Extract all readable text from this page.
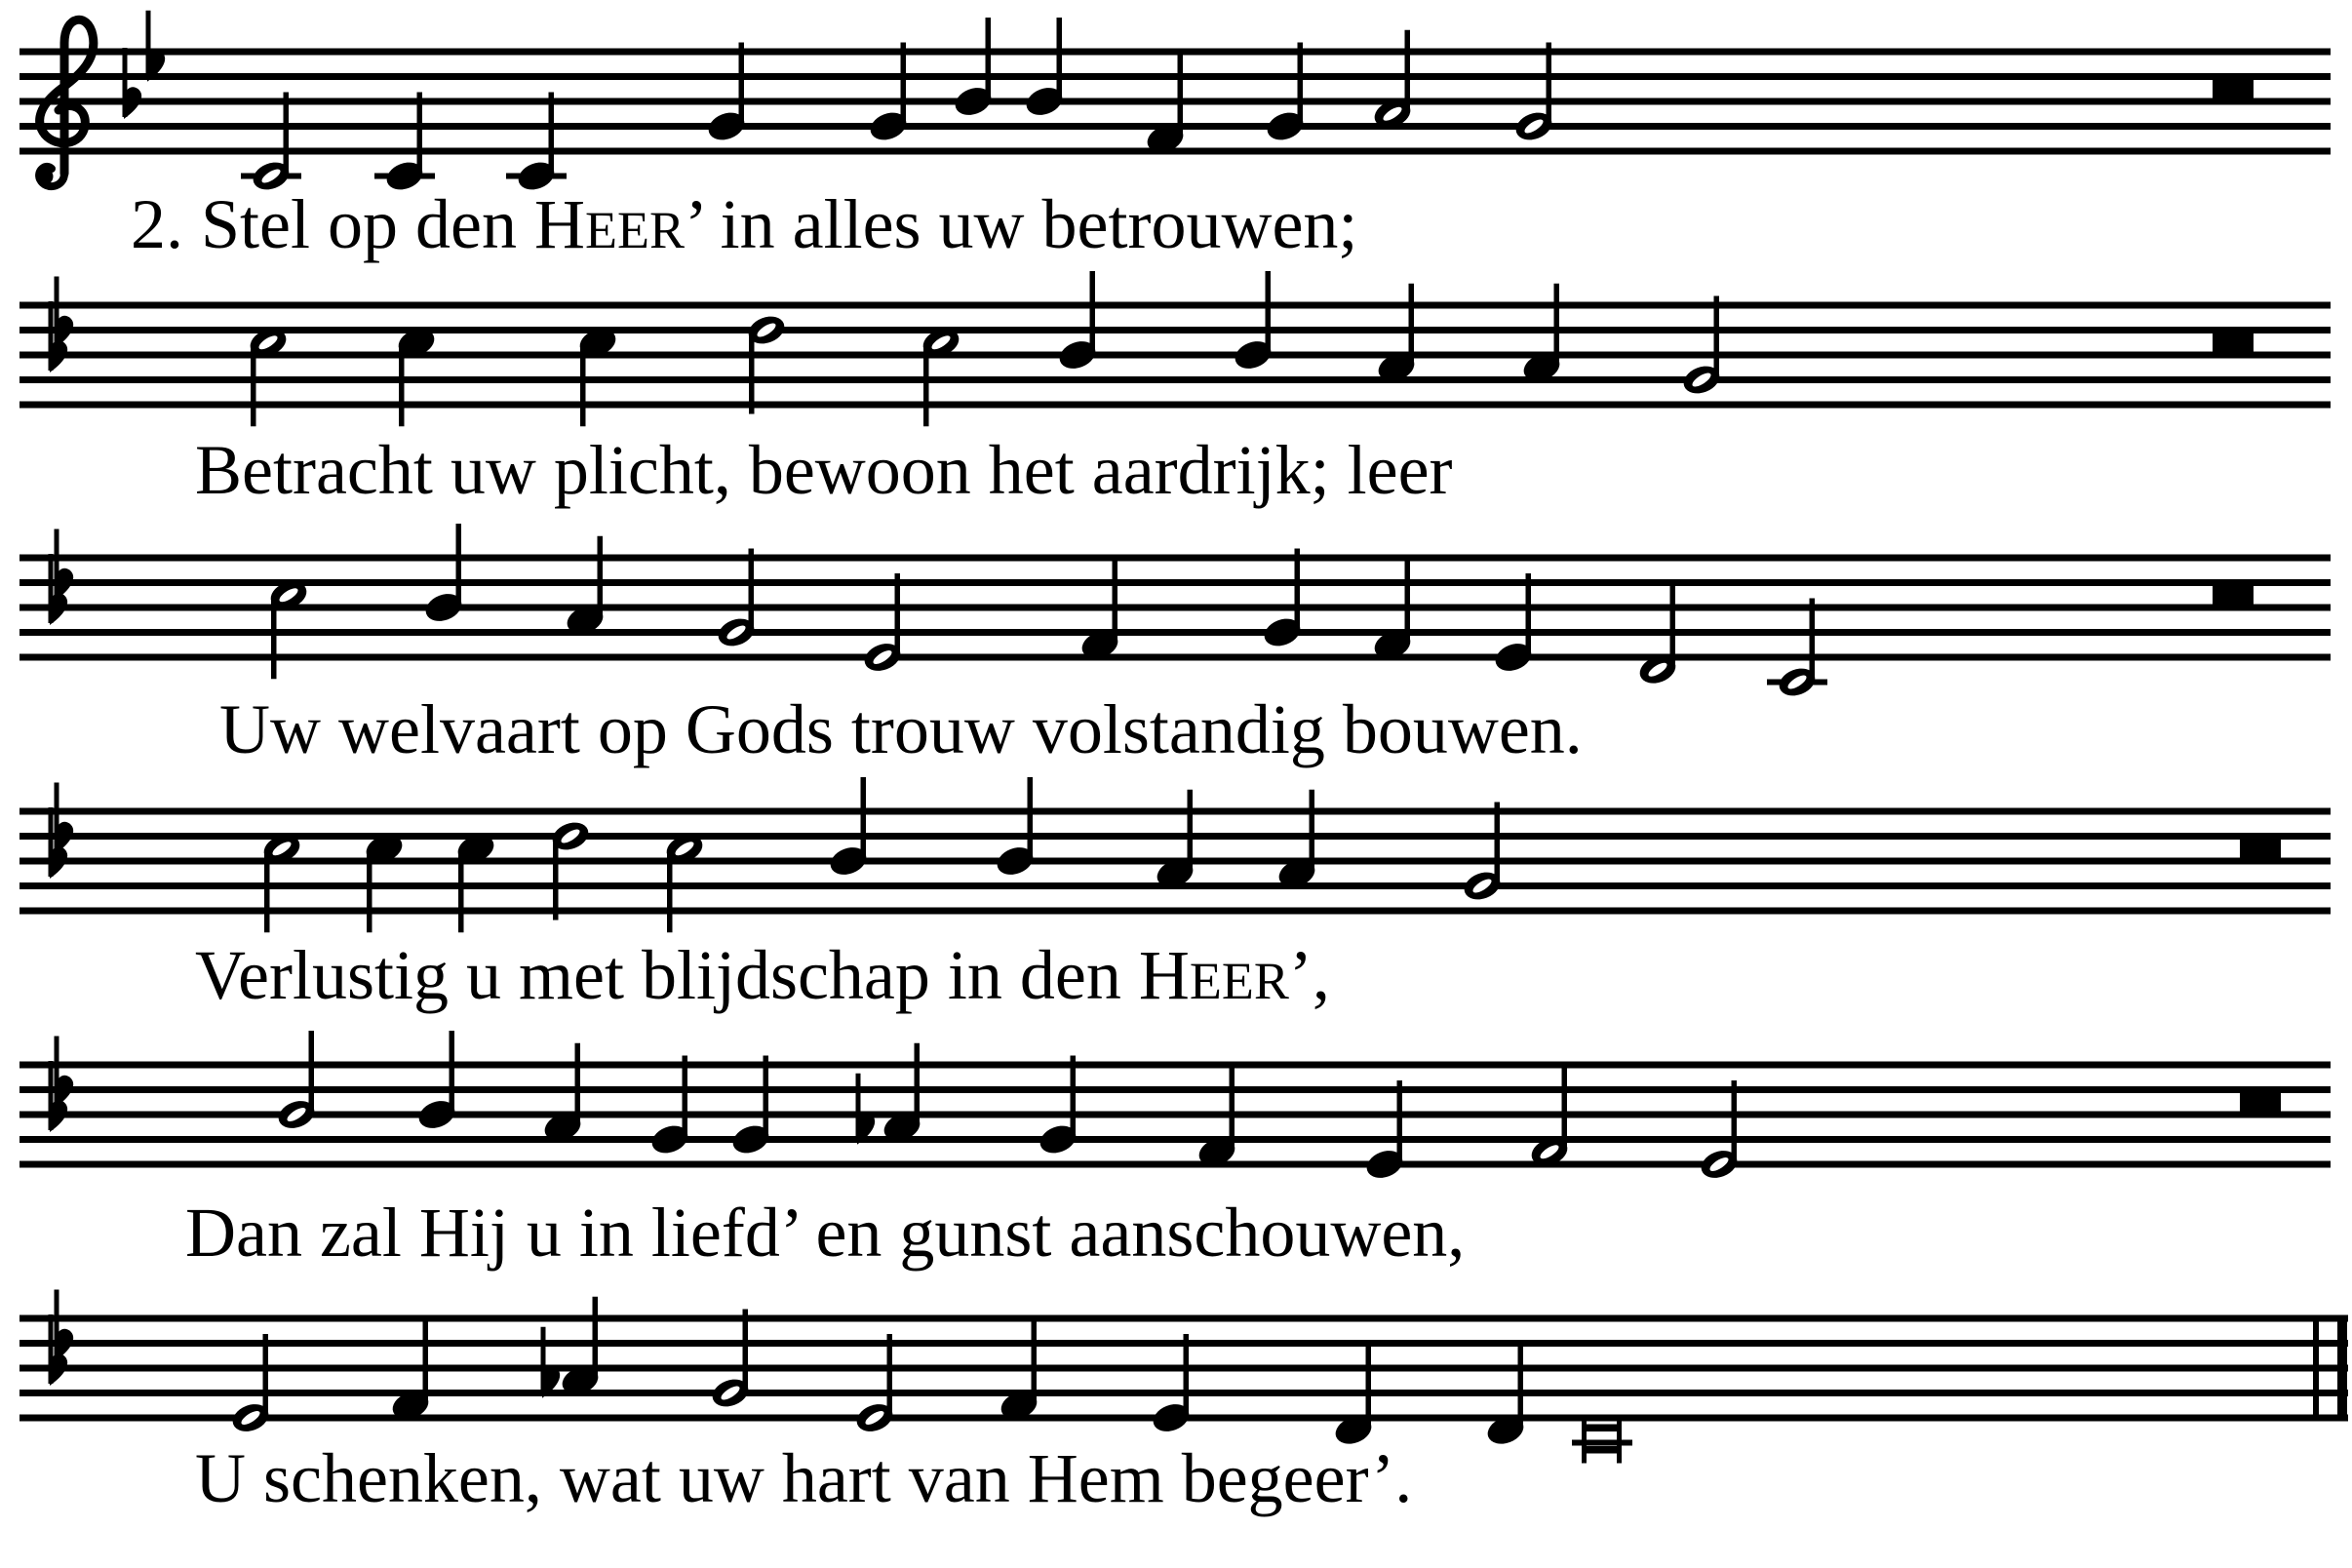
2. Stel op den HEER’ in alles uw betrouwen;
Betracht uw plicht, bewoon het aardrijk; leer
Uw welvaart op Gods trouw volstandig bouwen.
Verlustig u met blijdschap in den HEER’,
Dan zal Hij u in liefd’ en gunst aanschouwen,
U schenken, wat uw hart van Hem begeer’.
